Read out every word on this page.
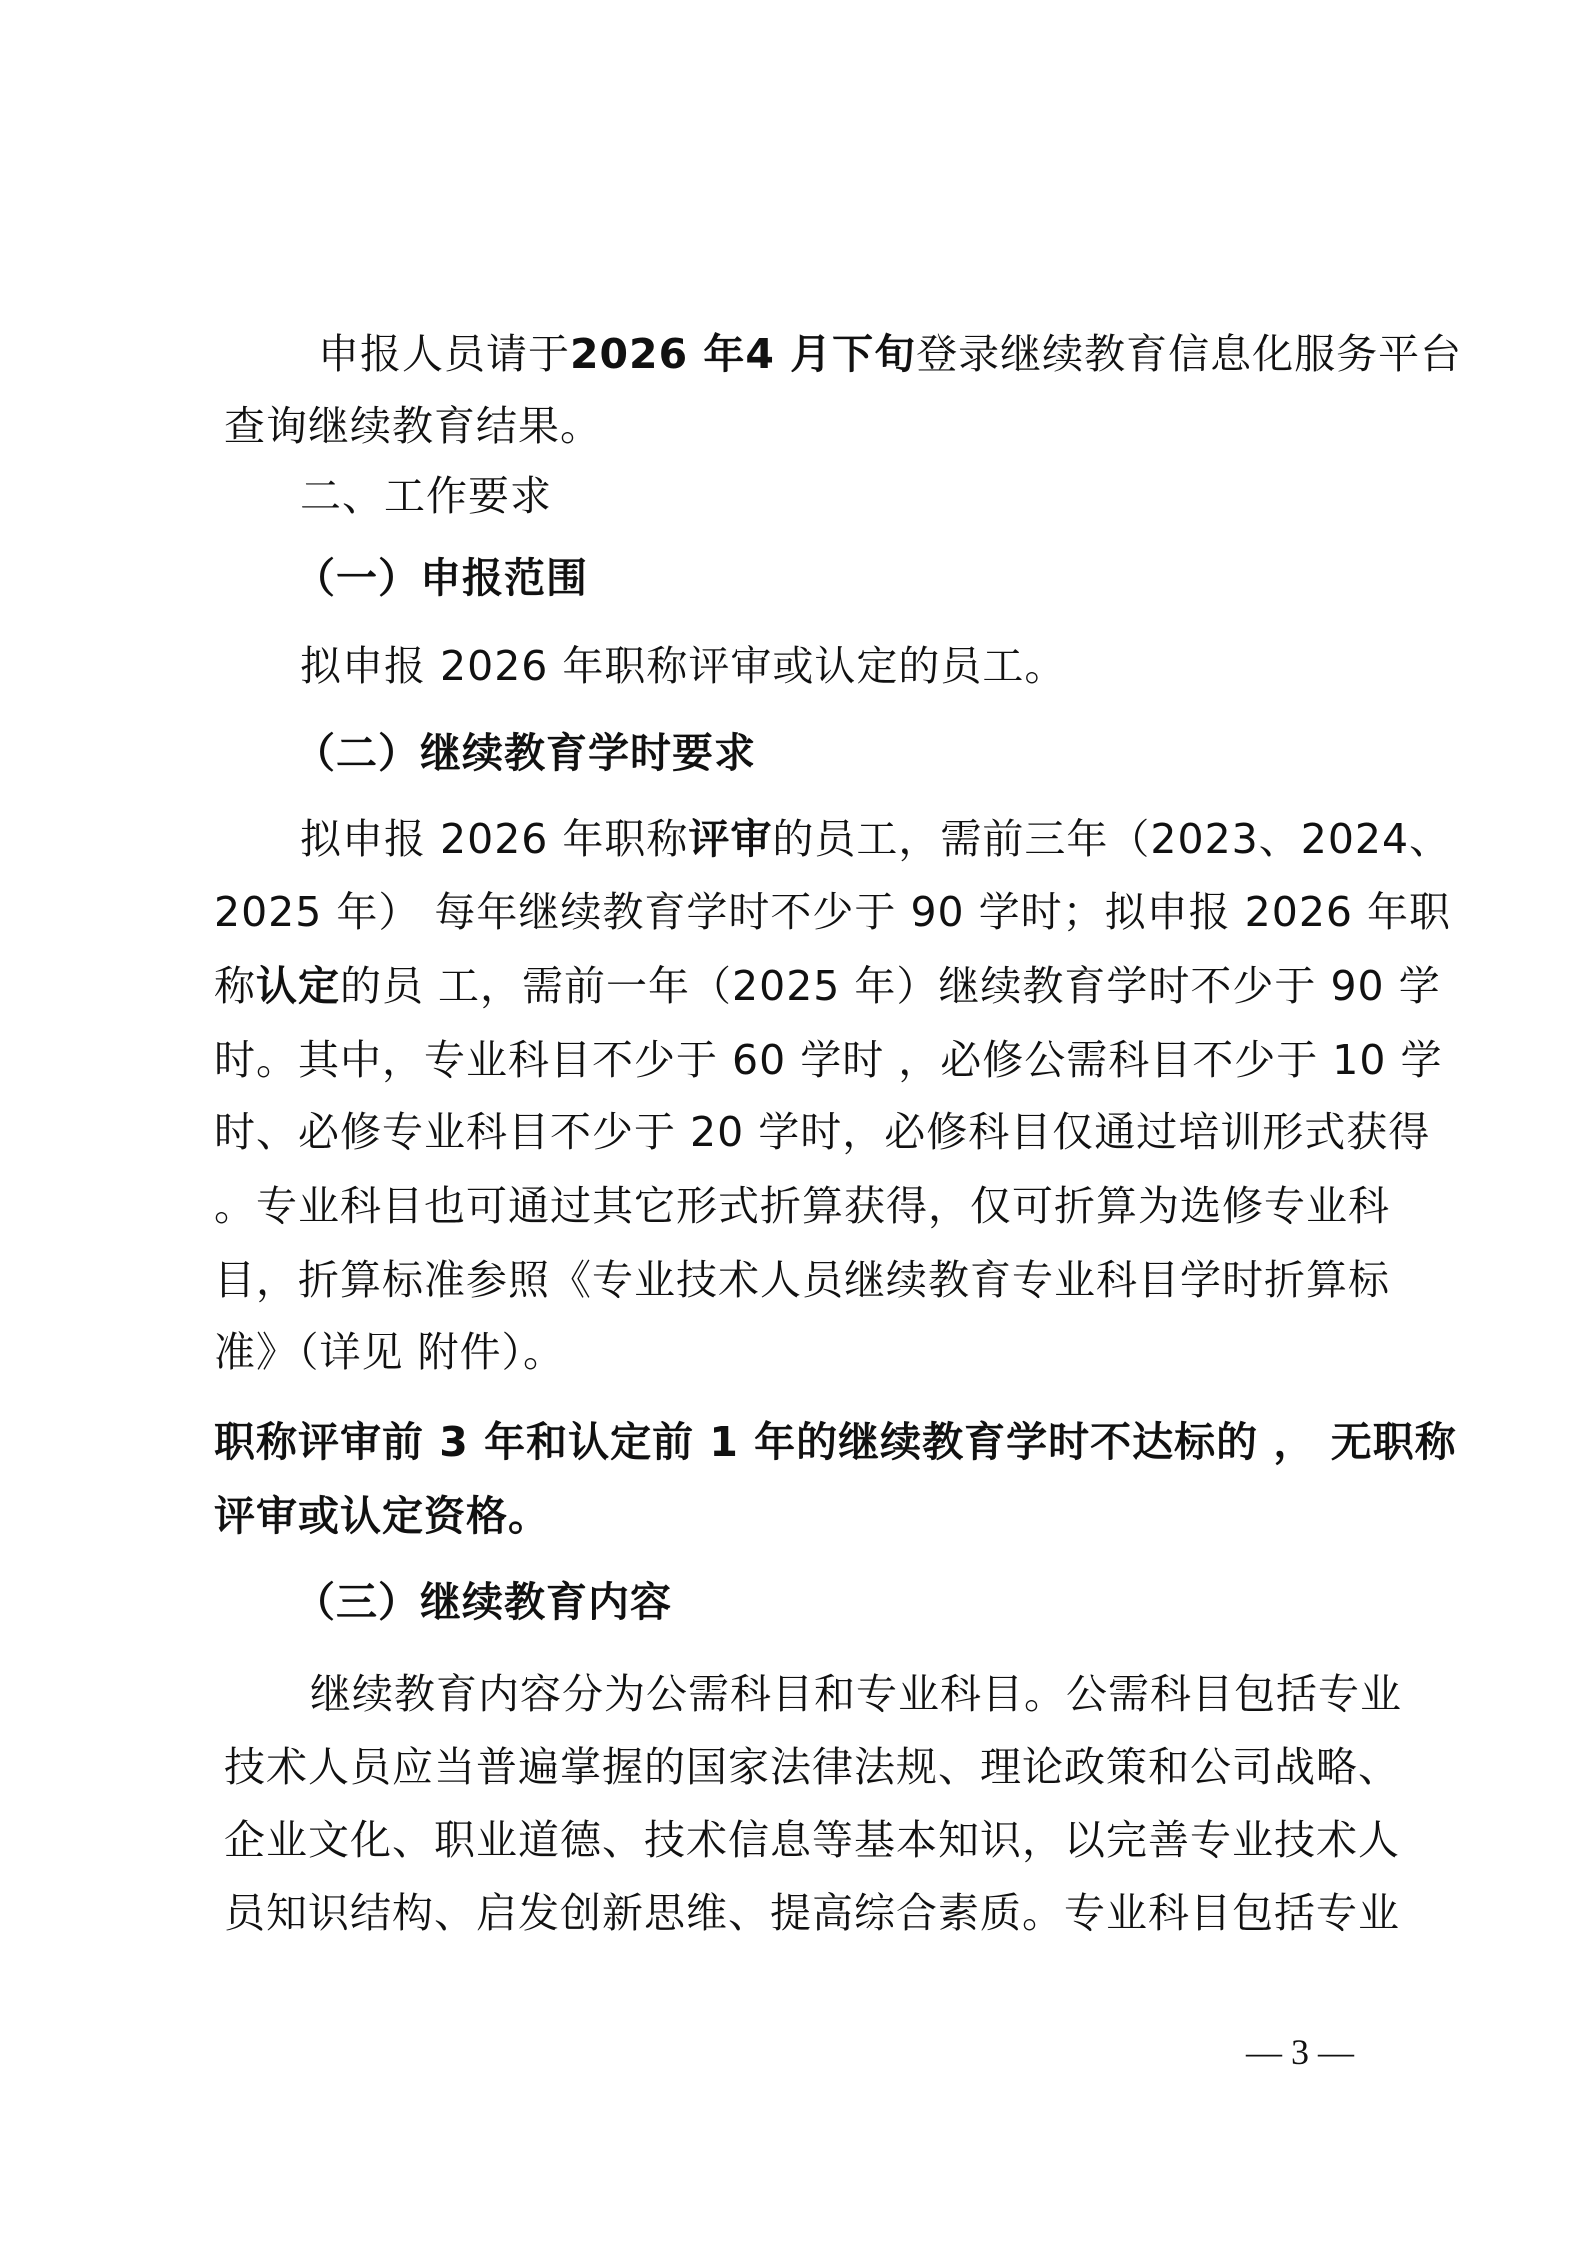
申报人员请于2026 年4 月下旬登录继续教育信息化服务平台
查询继续教育结果。
二、工作要求
（一）申报范围
拟申报 2026 年职称评审或认定的员工。
（二）继续教育学时要求
拟申报 2026 年职称评审的员工，需前三年（2023、2024、
2025 年） 每年继续教育学时不少于 90 学时；拟申报 2026 年职
称认定的员 工，需前一年（2025 年）继续教育学时不少于 90 学
时。其中，专业科目不少于 60 学时 ，必修公需科目不少于 10 学
时、必修专业科目不少于 20 学时，必修科目仅通过培训形式获得
。专业科目也可通过其它形式折算获得，仅可折算为选修专业科
目，折算标准参照《专业技术人员继续教育专业科目学时折算标
准》（详见 附件）。
职称评审前 3 年和认定前 1 年的继续教育学时不达标的 ， 无职称
评审或认定资格。
（三）继续教育内容
继续教育内容分为公需科目和专业科目。公需科目包括专业
技术人员应当普遍掌握的国家法律法规、理论政策和公司战略、
企业文化、职业道德、技术信息等基本知识，以完善专业技术人
员知识结构、启发创新思维、提高综合素质。专业科目包括专业
— 3 —
